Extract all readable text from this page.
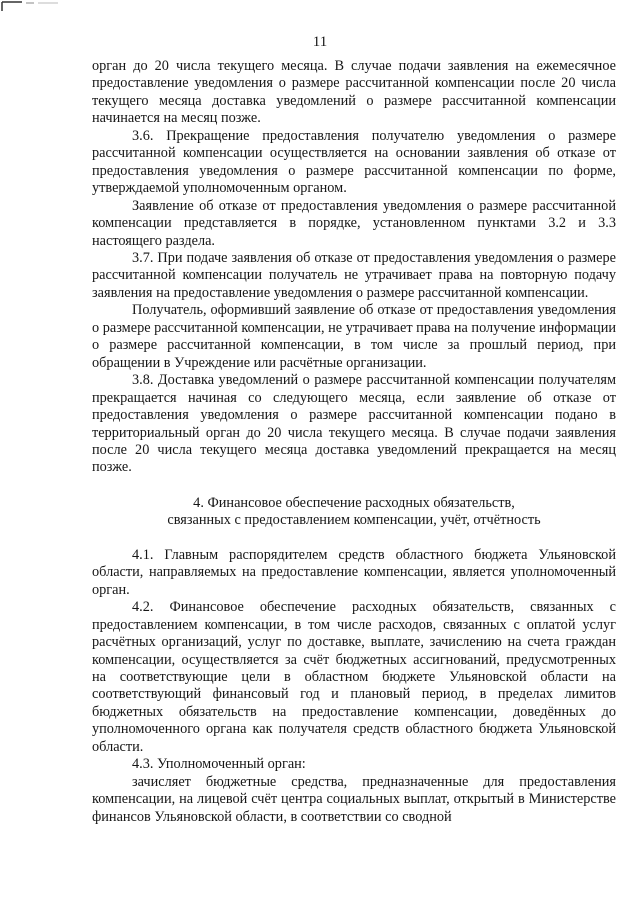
11

орган до 20 числа текущего месяца. В случае подачи заявления на ежемесячное предоставление уведомления о размере рассчитанной компенсации после 20 числа текущего месяца доставка уведомлений о размере рассчитанной компенсации начинается на месяц позже.

3.6. Прекращение предоставления получателю уведомления о размере рассчитанной компенсации осуществляется на основании заявления об отказе от предоставления уведомления о размере рассчитанной компенсации по форме, утверждаемой уполномоченным органом.

Заявление об отказе от предоставления уведомления о размере рассчитанной компенсации представляется в порядке, установленном пунктами 3.2 и 3.3 настоящего раздела.

3.7. При подаче заявления об отказе от предоставления уведомления о размере рассчитанной компенсации получатель не утрачивает права на повторную подачу заявления на предоставление уведомления о размере рассчитанной компенсации.

Получатель, оформивший заявление об отказе от предоставления уведомления о размере рассчитанной компенсации, не утрачивает права на получение информации о размере рассчитанной компенсации, в том числе за прошлый период, при обращении в Учреждение или расчётные организации.

3.8. Доставка уведомлений о размере рассчитанной компенсации получателям прекращается начиная со следующего месяца, если заявление об отказе от предоставления уведомления о размере рассчитанной компенсации подано в территориальный орган до 20 числа текущего месяца. В случае подачи заявления после 20 числа текущего месяца доставка уведомлений прекращается на месяц позже.

4. Финансовое обеспечение расходных обязательств,

связанных с предоставлением компенсации, учёт, отчётность

4.1. Главным распорядителем средств областного бюджета Ульяновской области, направляемых на предоставление компенсации, является уполномоченный орган.

4.2. Финансовое обеспечение расходных обязательств, связанных с предоставлением компенсации, в том числе расходов, связанных с оплатой услуг расчётных организаций, услуг по доставке, выплате, зачислению на счета граждан компенсации, осуществляется за счёт бюджетных ассигнований, предусмотренных на соответствующие цели в областном бюджете Ульяновской области на соответствующий финансовый год и плановый период, в пределах лимитов бюджетных обязательств на предоставление компенсации, доведённых до уполномоченного органа как получателя средств областного бюджета Ульяновской области.

4.3. Уполномоченный орган:

зачисляет бюджетные средства, предназначенные для предоставления компенсации, на лицевой счёт центра социальных выплат, открытый в Министерстве финансов Ульяновской области, в соответствии со сводной
